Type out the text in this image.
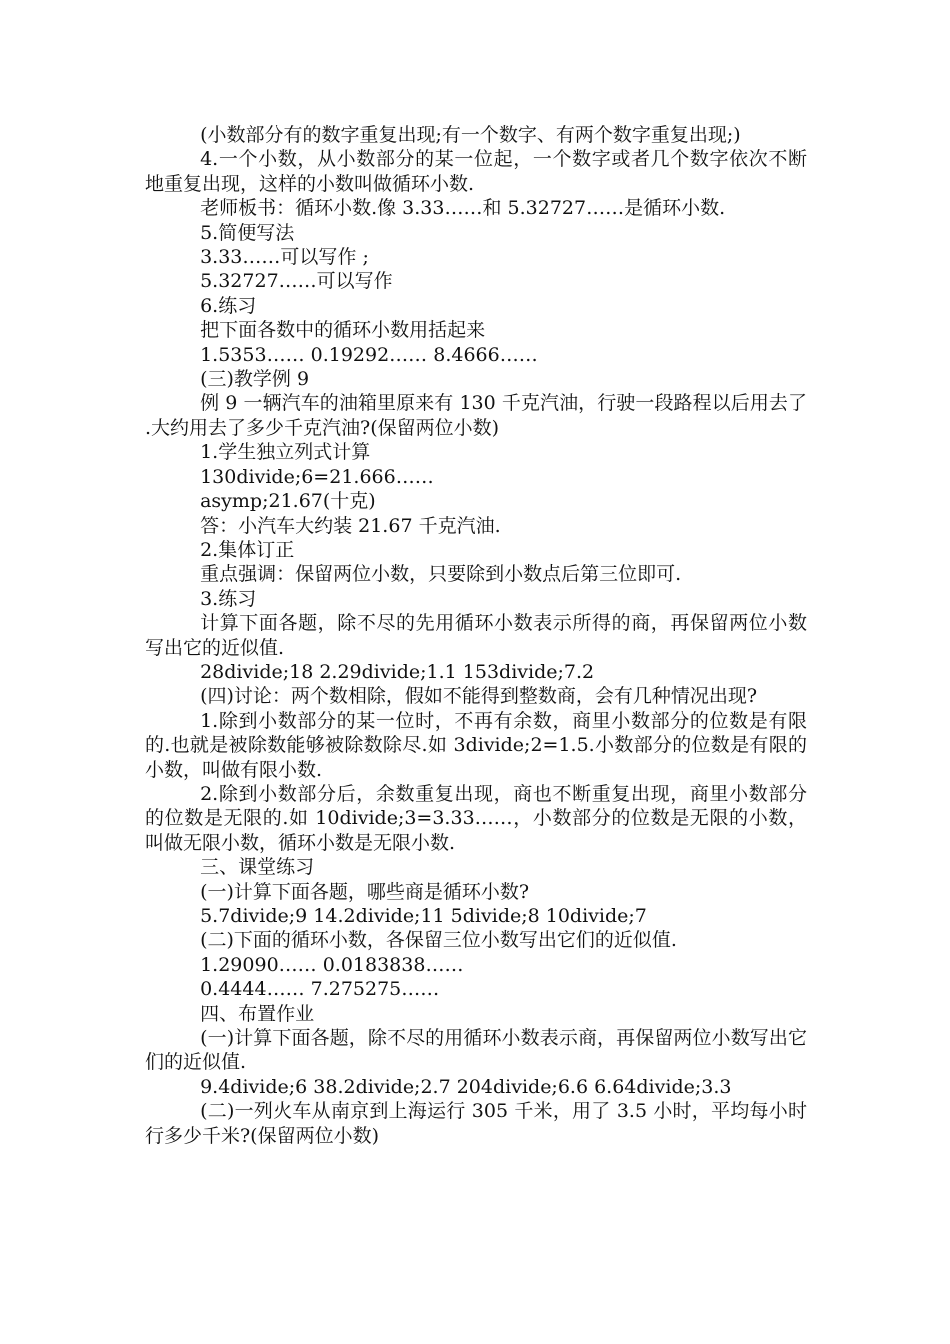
(小数部分有的数字重复出现;有一个数字、有两个数字重复出现;)

4.一个小数，从小数部分的某一位起，一个数字或者几个数字依次不断地重复出现，这样的小数叫做循环小数.

老师板书：循环小数.像 3.33……和 5.32727……是循环小数.

5.简便写法

3.33……可以写作 ;

5.32727……可以写作

6.练习

把下面各数中的循环小数用括起来

1.5353…… 0.19292…… 8.4666……

(三)教学例 9

例 9 一辆汽车的油箱里原来有 130 千克汽油，行驶一段路程以后用去了 .大约用去了多少千克汽油?(保留两位小数)

1.学生独立列式计算

130divide;6=21.666……

asymp;21.67(十克)

答：小汽车大约装 21.67 千克汽油.

2.集体订正

重点强调：保留两位小数，只要除到小数点后第三位即可.

3.练习

计算下面各题，除不尽的先用循环小数表示所得的商，再保留两位小数写出它的近似值.

28divide;18 2.29divide;1.1 153divide;7.2

(四)讨论：两个数相除，假如不能得到整数商，会有几种情况出现?

1.除到小数部分的某一位时，不再有余数，商里小数部分的位数是有限的.也就是被除数能够被除数除尽.如 3divide;2=1.5.小数部分的位数是有限的小数，叫做有限小数.

2.除到小数部分后，余数重复出现，商也不断重复出现，商里小数部分的位数是无限的.如 10divide;3=3.33……，小数部分的位数是无限的小数，叫做无限小数，循环小数是无限小数.

三、课堂练习

(一)计算下面各题，哪些商是循环小数?

5.7divide;9 14.2divide;11 5divide;8 10divide;7

(二)下面的循环小数，各保留三位小数写出它们的近似值.

1.29090…… 0.0183838……

0.4444…… 7.275275……

四、布置作业

(一)计算下面各题，除不尽的用循环小数表示商，再保留两位小数写出它们的近似值.

9.4divide;6 38.2divide;2.7 204divide;6.6 6.64divide;3.3

(二)一列火车从南京到上海运行 305 千米，用了 3.5 小时，平均每小时行多少千米?(保留两位小数)
